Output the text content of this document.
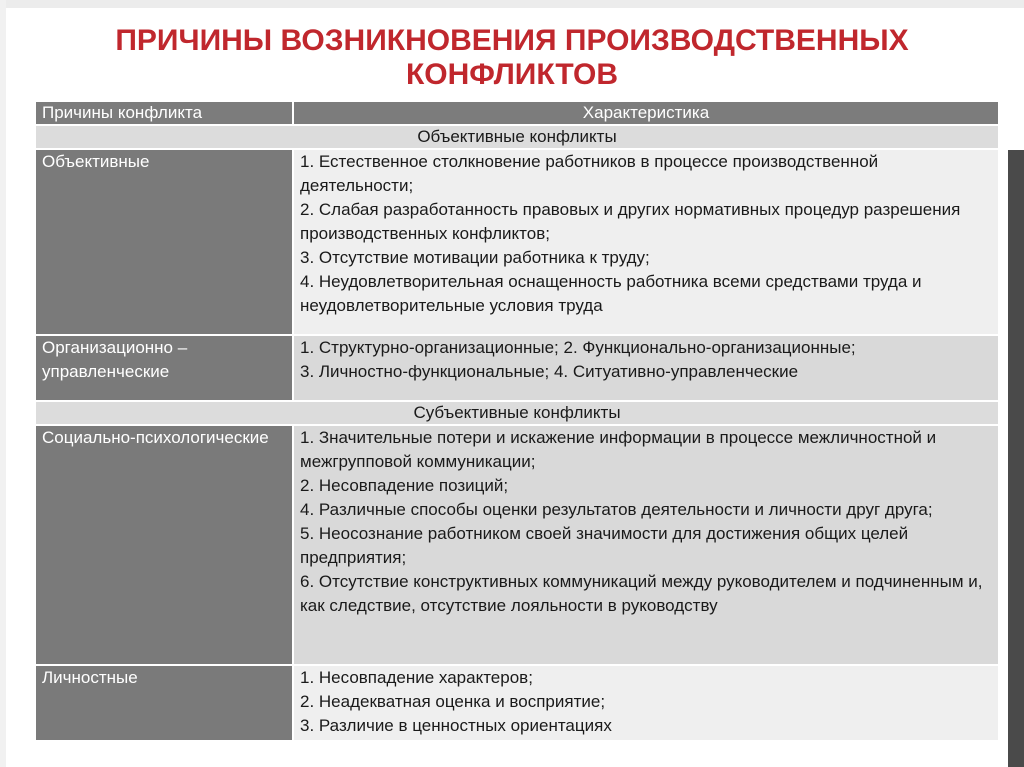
ПРИЧИНЫ ВОЗНИКНОВЕНИЯ ПРОИЗВОДСТВЕННЫХ
КОНФЛИКТОВ
Причины конфликта	Характеристика
Объективные конфликты	
Объективные	1. Естественное столкновение работников в процессе производственной деятельности;
2. Слабая разработанность правовых и других нормативных процедур разрешения производственных конфликтов;
3. Отсутствие мотивации работника к труду;
4. Неудовлетворительная оснащенность работника всеми средствами труда и неудовлетворительные условия труда

Организационно – управленческие	1. Структурно-организационные; 2. Функционально-организационные;
3. Личностно-функциональные; 4. Ситуативно-управленческие

Субъективные конфликты	
Социально-психологические	1. Значительные потери и искажение информации в процессе межличностной и межгрупповой коммуникации;
2. Несовпадение позиций;
4. Различные способы оценки результатов деятельности и личности друг друга;
5. Неосознание работником своей значимости для достижения общих целей предприятия;
6. Отсутствие конструктивных коммуникаций между руководителем и подчиненным и, как следствие, отсутствие лояльности в руководству

Личностные	1. Несовпадение характеров;
2. Неадекватная оценка и восприятие;
3. Различие в ценностных ориентациях
